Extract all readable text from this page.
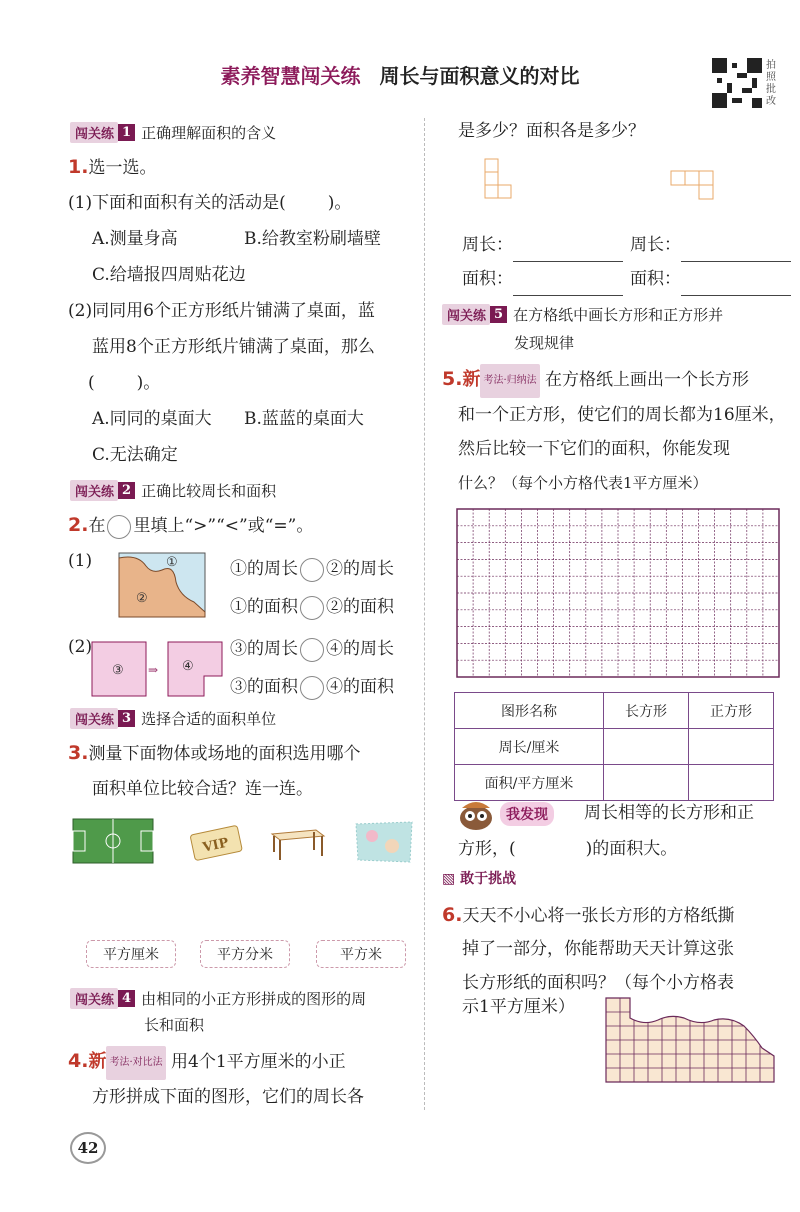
素养智慧闯关练 周长与面积意义的对比	拍照批改
闯关练 1 正确理解面积的含义
1.选一选。
(1)下面和面积有关的活动是( )。
A.测量身高	B.给教室粉刷墙壁
C.给墙报四周贴花边
(2)同同用6个正方形纸片铺满了桌面，蓝
蓝用8个正方形纸片铺满了桌面，那么
( )。
A.同同的桌面大 B.蓝蓝的桌面大
C.无法确定
闯关练 2 正确比较周长和面积
2.在 里填上“>”“<”或“=”。
(1)	①
②
①的周长 ②的周长
①的面积 ②的面积
(2)
③ ⇒ ④
③的周长 ④的周长
③的面积 ④的面积
闯关练 3 选择合适的面积单位
3.测量下面物体或场地的面积选用哪个
面积单位比较合适？连一连。
VIP
平方厘米	平方分米	平方米
闯关练 4 由相同的小正方形拼成的图形的周
长和面积
4.新 考法·对比法 用4个1平方厘米的小正
方形拼成下面的图形，它们的周长各
42
是多少？面积各是多少？
周长：	周长：
面积：	面积：
闯关练 5 在方格纸中画长方形和正方形并
发现规律
5.新 考法·归纳法 在方格纸上画出一个长方形
和一个正方形，使它们的周长都为16厘米，
然后比较一下它们的面积，你能发现
什么？（每个小方格代表1平方厘米）
图形名称	长方形	正方形
周长/厘米		
面积/平方厘米		
我发现	周长相等的长方形和正
方形，(	)的面积大。
▧ 敢于挑战
6.天天不小心将一张长方形的方格纸撕
掉了一部分，你能帮助天天计算这张
长方形纸的面积吗？（每个小方格表
示1平方厘米）
